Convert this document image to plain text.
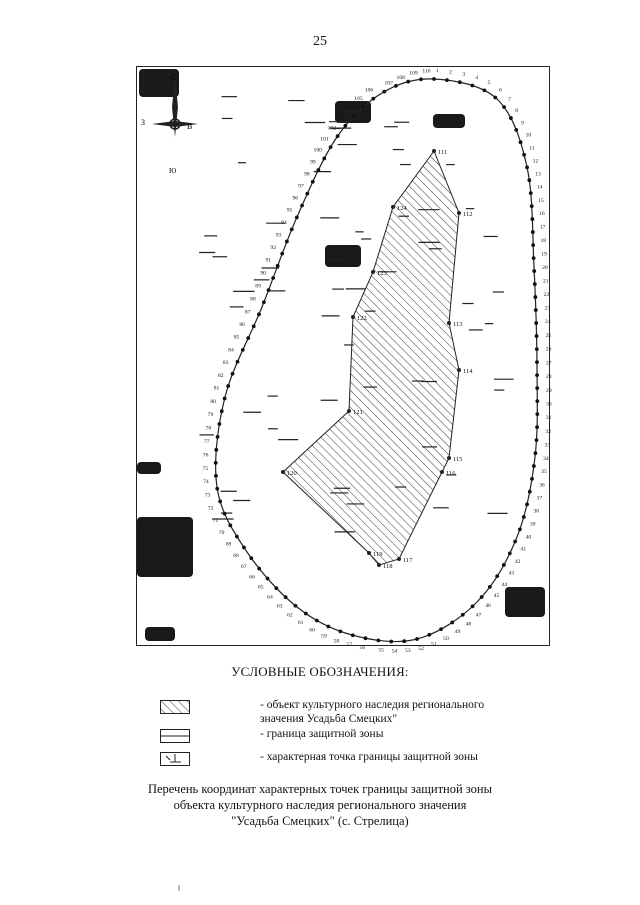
25
111
112
113
114
115
116
117
118
119
120
121
122
123
124
1 2 3
4
5
6
7
8
9
10
11
12
13
14
15
16
17
18
19
20
21
22
23
24
25
26
27
28
29
30
31
32
33
34
35
36
37
38
39
40
41
42
43
44
45
46
47
48
49
50
51
52
53
54
55
56
57
58
59
60
61
62
63
64
65
66
67
68
69
70
71
72
73
74
75
76
77
78
79
80
81
82
83
84
85
86
87
88
89
90
91
92
93
94
95
96
97
98
99
100
101
102
103
104
105
106
107
108
109 110
С
В
З
Ю
УСЛОВНЫЕ ОБОЗНАЧЕНИЯ:
- объект культурного наследия регионального
значения Усадьба Смецких"
- граница защитной зоны
- характерная точка границы защитной зоны
Перечень координат характерных точек границы защитной зоны
объекта культурного наследия регионального значения
"Усадьба Смецких" (с. Стрелица)
